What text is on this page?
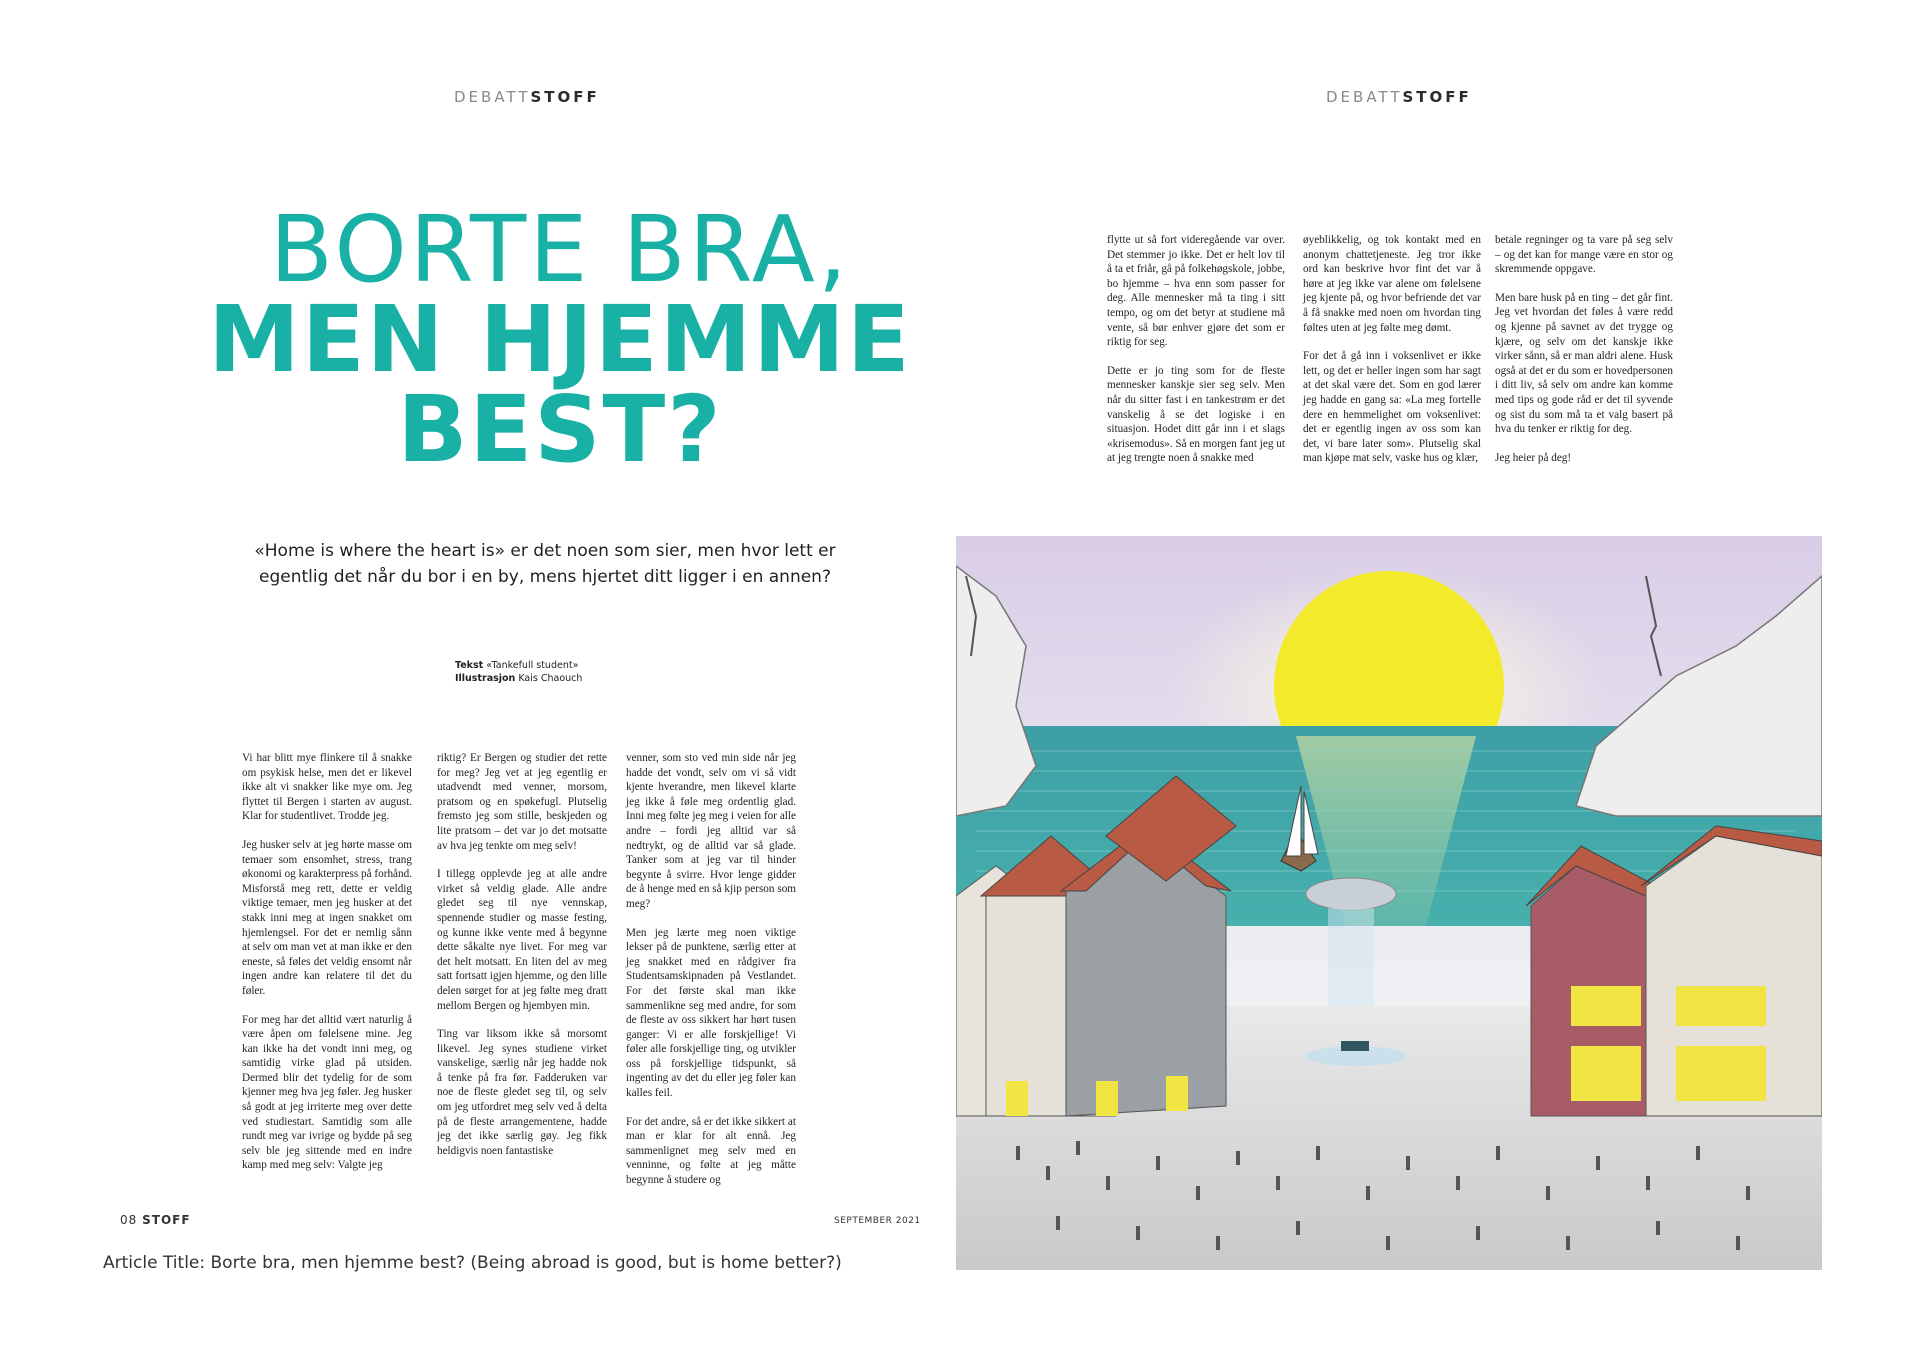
DEBATTSTOFF	DEBATTSTOFF
BORTE BRA,
MEN HJEMME
BEST?

«Home is where the heart is» er det noen som sier, men hvor lett er egentlig det når du bor i en by, mens hjertet ditt ligger i en annen?

Tekst «Tankefull student»
Illustrasjon Kais Chaouch

Vi har blitt mye flinkere til å snakke om psykisk helse, men det er likevel ikke alt vi snakker like mye om. Jeg flyttet til Bergen i starten av august. Klar for studentlivet. Trodde jeg.

Jeg husker selv at jeg hørte masse om temaer som ensomhet, stress, trang økonomi og karakterpress på forhånd. Misforstå meg rett, dette er veldig viktige temaer, men jeg husker at det stakk inni meg at ingen snakket om hjemlengsel. For det er nemlig sånn at selv om man vet at man ikke er den eneste, så føles det veldig ensomt når ingen andre kan relatere til det du føler.

For meg har det alltid vært naturlig å være åpen om følelsene mine. Jeg kan ikke ha det vondt inni meg, og samtidig virke glad på utsiden. Dermed blir det tydelig for de som kjenner meg hva jeg føler. Jeg husker så godt at jeg irriterte meg over dette ved studiestart. Samtidig som alle rundt meg var ivrige og bydde på seg selv ble jeg sittende med en indre kamp med meg selv: Valgte jeg

riktig? Er Bergen og studier det rette for meg? Jeg vet at jeg egentlig er utadvendt med venner, morsom, pratsom og en spøkefugl. Plutselig fremsto jeg som stille, beskjeden og lite pratsom – det var jo det motsatte av hva jeg tenkte om meg selv!

I tillegg opplevde jeg at alle andre virket så veldig glade. Alle andre gledet seg til nye vennskap, spennende studier og masse festing, og kunne ikke vente med å begynne dette såkalte nye livet. For meg var det helt motsatt. En liten del av meg satt fortsatt igjen hjemme, og den lille delen sørget for at jeg følte meg dratt mellom Bergen og hjembyen min.

Ting var liksom ikke så morsomt likevel. Jeg synes studiene virket vanskelige, særlig når jeg hadde nok å tenke på fra før. Fadderuken var noe de fleste gledet seg til, og selv om jeg utfordret meg selv ved å delta på de fleste arrangementene, hadde jeg det ikke særlig gøy. Jeg fikk heldigvis noen fantastiske

venner, som sto ved min side når jeg hadde det vondt, selv om vi så vidt kjente hverandre, men likevel klarte jeg ikke å føle meg ordentlig glad. Inni meg følte jeg meg i veien for alle andre – fordi jeg alltid var så nedtrykt, og de alltid var så glade. Tanker som at jeg var til hinder begynte å svirre. Hvor lenge gidder de å henge med en så kjip person som meg?

Men jeg lærte meg noen viktige lekser på de punktene, særlig etter at jeg snakket med en rådgiver fra Studentsamskipnaden på Vestlandet. For det første skal man ikke sammenlikne seg med andre, for som de fleste av oss sikkert har hørt tusen ganger: Vi er alle forskjellige! Vi føler alle forskjellige ting, og utvikler oss på forskjellige tidspunkt, så ingenting av det du eller jeg føler kan kalles feil.

For det andre, så er det ikke sikkert at man er klar for alt ennå. Jeg sammenlignet meg selv med en venninne, og følte at jeg måtte begynne å studere og

flytte ut så fort videregående var over. Det stemmer jo ikke. Det er helt lov til å ta et friår, gå på folkehøgskole, jobbe, bo hjemme – hva enn som passer for deg. Alle mennesker må ta ting i sitt tempo, og om det betyr at studiene må vente, så bør enhver gjøre det som er riktig for seg.

Dette er jo ting som for de fleste mennesker kanskje sier seg selv. Men når du sitter fast i en tankestrøm er det vanskelig å se det logiske i en situasjon. Hodet ditt går inn i et slags «krisemodus». Så en morgen fant jeg ut at jeg trengte noen å snakke med

øyeblikkelig, og tok kontakt med en anonym chattetjeneste. Jeg tror ikke ord kan beskrive hvor fint det var å høre at jeg ikke var alene om følelsene jeg kjente på, og hvor befriende det var å få snakke med noen om hvordan ting føltes uten at jeg følte meg dømt.

For det å gå inn i voksenlivet er ikke lett, og det er heller ingen som har sagt at det skal være det. Som en god lærer jeg hadde en gang sa: «La meg fortelle dere en hemmelighet om voksenlivet: det er egentlig ingen av oss som kan det, vi bare later som». Plutselig skal man kjøpe mat selv, vaske hus og klær,

betale regninger og ta vare på seg selv – og det kan for mange være en stor og skremmende oppgave.

Men bare husk på en ting – det går fint. Jeg vet hvordan det føles å være redd og kjenne på savnet av det trygge og kjære, og selv om det kanskje ikke virker sånn, så er man aldri alene. Husk også at det er du som er hovedpersonen i ditt liv, så selv om andre kan komme med tips og gode råd er det til syvende og sist du som må ta et valg basert på hva du tenker er riktig for deg.

Jeg heier på deg!

08 STOFF	SEPTEMBER 2021
Article Title: Borte bra, men hjemme best? (Being abroad is good, but is home better?)
